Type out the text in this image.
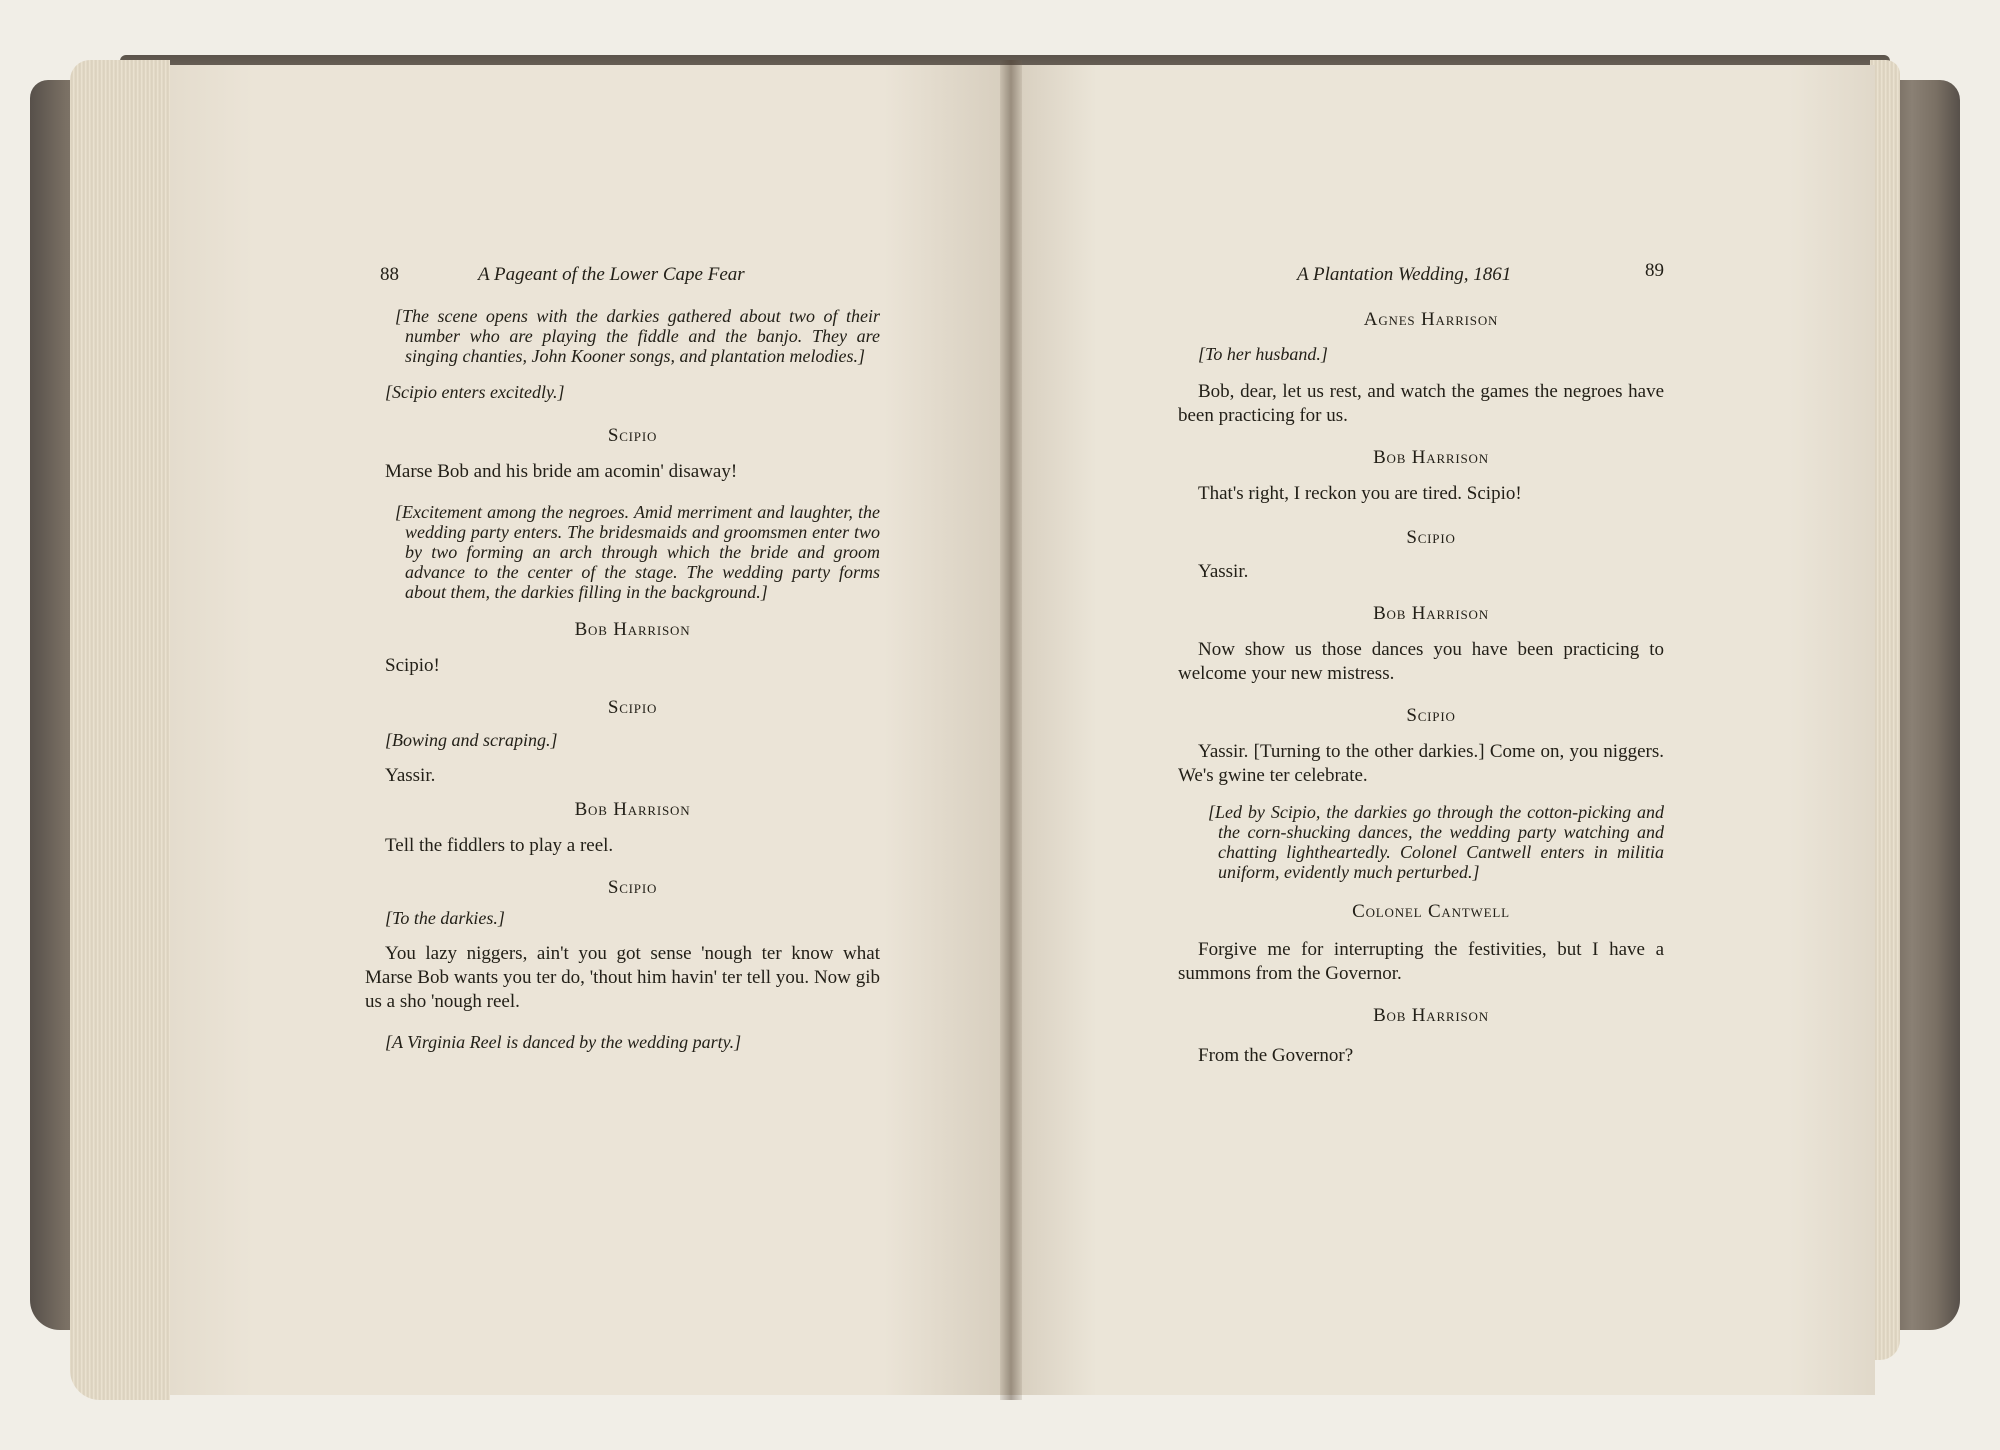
88	A Pageant of the Lower Cape Fear
[The scene opens with the darkies gathered about two of their number who are playing the fiddle and the banjo. They are singing chanties, John Kooner songs, and plantation melodies.]
[Scipio enters excitedly.]
Scipio
Marse Bob and his bride am acomin' disaway!
[Excitement among the negroes. Amid merriment and laughter, the wedding party enters. The bridesmaids and groomsmen enter two by two forming an arch through which the bride and groom advance to the center of the stage. The wedding party forms about them, the darkies filling in the background.]
Bob Harrison
Scipio!
Scipio
[Bowing and scraping.]
Yassir.
Bob Harrison
Tell the fiddlers to play a reel.
Scipio
[To the darkies.]
You lazy niggers, ain't you got sense 'nough ter know what Marse Bob wants you ter do, 'thout him havin' ter tell you. Now gib us a sho 'nough reel.
[A Virginia Reel is danced by the wedding party.]
A Plantation Wedding, 1861	89
Agnes Harrison
[To her husband.]
Bob, dear, let us rest, and watch the games the negroes have been practicing for us.
Bob Harrison
That's right, I reckon you are tired. Scipio!
Scipio
Yassir.
Bob Harrison
Now show us those dances you have been practicing to welcome your new mistress.
Scipio
Yassir. [Turning to the other darkies.] Come on, you niggers. We's gwine ter celebrate.
[Led by Scipio, the darkies go through the cotton-picking and the corn-shucking dances, the wedding party watching and chatting lightheartedly. Colonel Cantwell enters in militia uniform, evidently much perturbed.]
Colonel Cantwell
Forgive me for interrupting the festivities, but I have a summons from the Governor.
Bob Harrison
From the Governor?
